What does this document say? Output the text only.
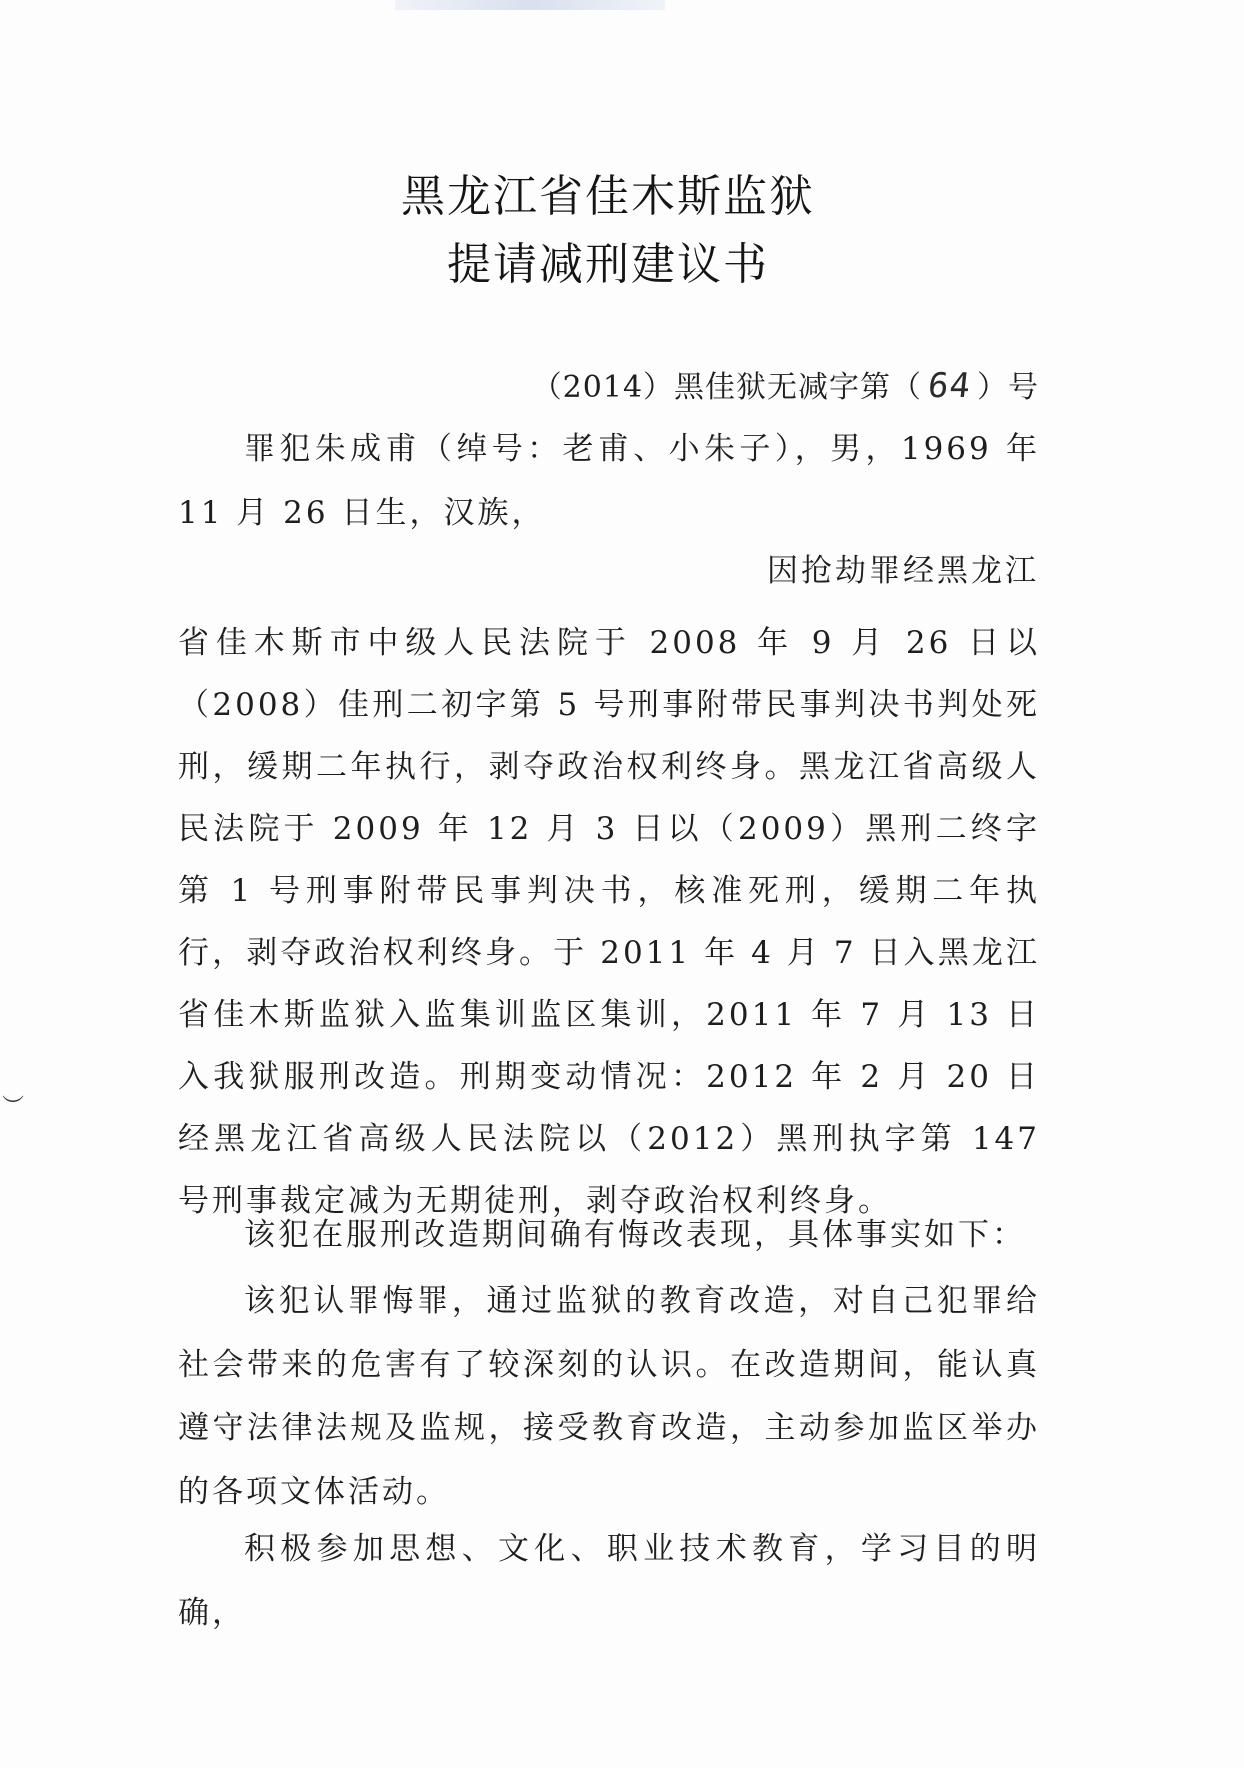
︶
黑龙江省佳木斯监狱
提请减刑建议书
（2014）黑佳狱无减字第（ 64 ）号

罪犯朱成甫（绰号：老甫、小朱子），男，1969 年 11 月 26 日生，汉族，

因抢劫罪经黑龙江

省佳木斯市中级人民法院于 2008 年 9 月 26 日以（2008）佳刑二初字第 5 号刑事附带民事判决书判处死刑，缓期二年执行，剥夺政治权利终身。黑龙江省高级人民法院于 2009 年 12 月 3 日以（2009）黑刑二终字第 1 号刑事附带民事判决书，核准死刑，缓期二年执行，剥夺政治权利终身。于 2011 年 4 月 7 日入黑龙江省佳木斯监狱入监集训监区集训，2011 年 7 月 13 日入我狱服刑改造。刑期变动情况：2012 年 2 月 20 日经黑龙江省高级人民法院以（2012）黑刑执字第 147 号刑事裁定减为无期徒刑，剥夺政治权利终身。

该犯在服刑改造期间确有悔改表现，具体事实如下：

该犯认罪悔罪，通过监狱的教育改造，对自己犯罪给社会带来的危害有了较深刻的认识。在改造期间，能认真遵守法律法规及监规，接受教育改造，主动参加监区举办的各项文体活动。

积极参加思想、文化、职业技术教育，学习目的明确，
